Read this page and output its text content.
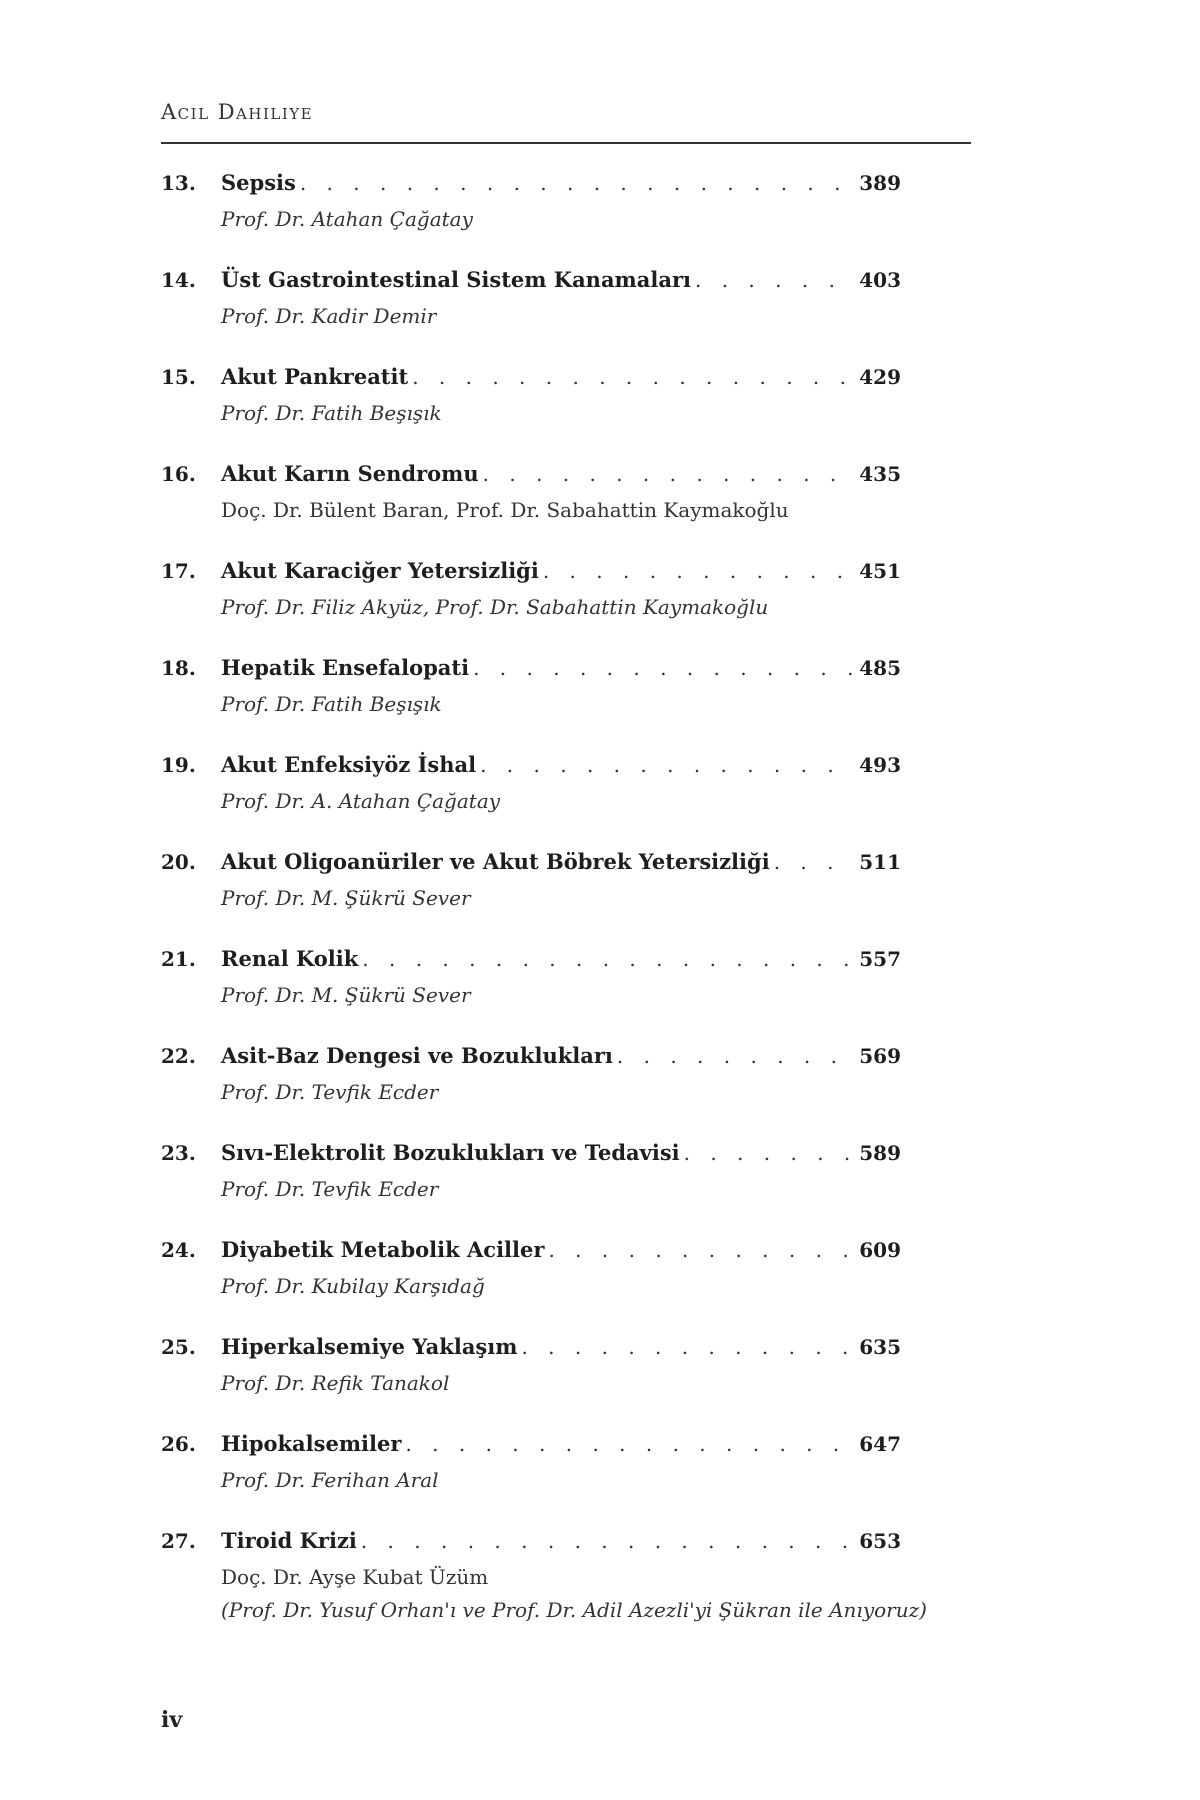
Acil Dahiliye
13.	Sepsis . . .	389
Prof. Dr. Atahan Çağatay
14.	Üst Gastrointestinal Sistem Kanamaları . . .	403
Prof. Dr. Kadir Demir
15.	Akut Pankreatit . . .	429
Prof. Dr. Fatih Beşışık
16.	Akut Karın Sendromu . . .	435
Doç. Dr. Bülent Baran, Prof. Dr. Sabahattin Kaymakoğlu
17.	Akut Karaciğer Yetersizliği . . .	451
Prof. Dr. Filiz Akyüz, Prof. Dr. Sabahattin Kaymakoğlu
18.	Hepatik Ensefalopati . . .	485
Prof. Dr. Fatih Beşışık
19.	Akut Enfeksiyöz İshal . . .	493
Prof. Dr. A. Atahan Çağatay
20.	Akut Oligoanüriler ve Akut Böbrek Yetersizliği . . .	511
Prof. Dr. M. Şükrü Sever
21.	Renal Kolik . . .	557
Prof. Dr. M. Şükrü Sever
22.	Asit-Baz Dengesi ve Bozuklukları . . .	569
Prof. Dr. Tevfik Ecder
23.	Sıvı-Elektrolit Bozuklukları ve Tedavisi . . .	589
Prof. Dr. Tevfik Ecder
24.	Diyabetik Metabolik Aciller . . .	609
Prof. Dr. Kubilay Karşıdağ
25.	Hiperkalsemiye Yaklaşım . . .	635
Prof. Dr. Refik Tanakol
26.	Hipokalsemiler . . .	647
Prof. Dr. Ferihan Aral
27.	Tiroid Krizi . . .	653
Doç. Dr. Ayşe Kubat Üzüm
(Prof. Dr. Yusuf Orhan'ı ve Prof. Dr. Adil Azezli'yi Şükran ile Anıyoruz)
iv
